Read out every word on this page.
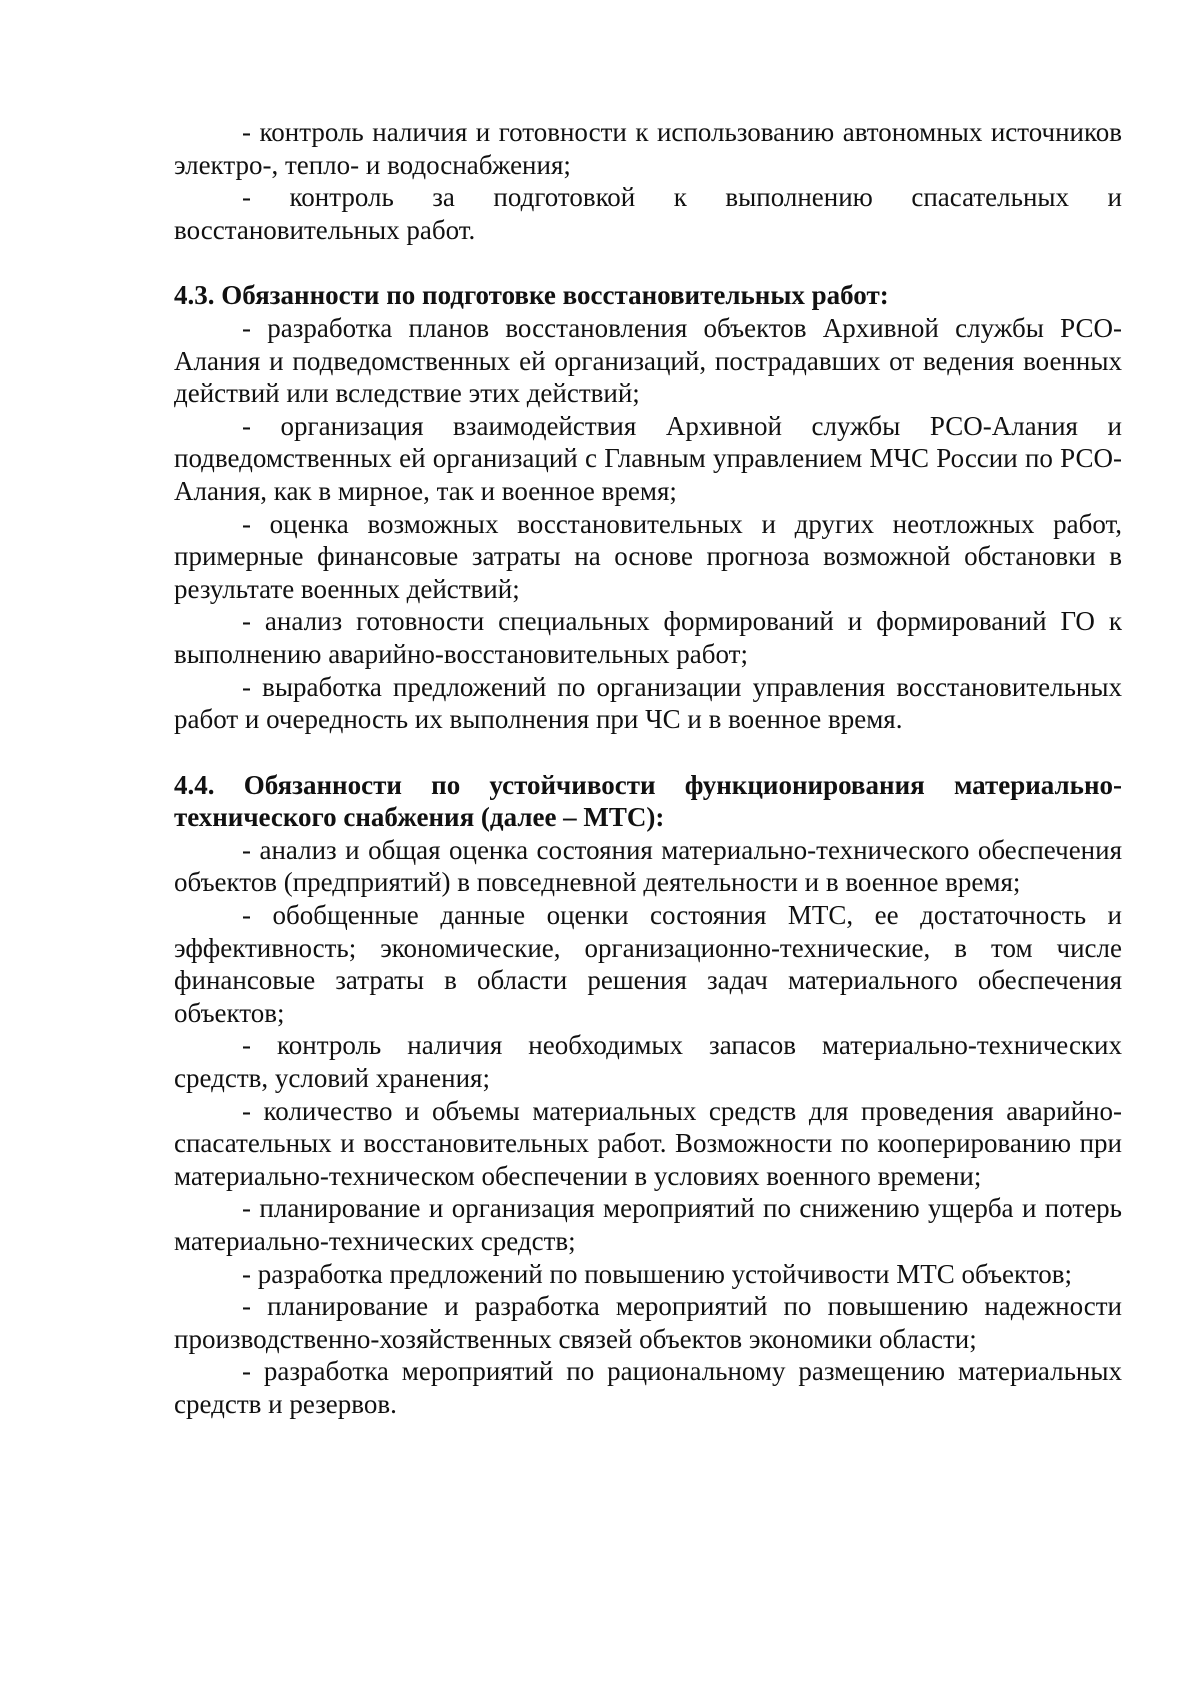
- контроль наличия и готовности к использованию автономных источников электро-, тепло- и водоснабжения;

- контроль за подготовкой к выполнению спасательных и восстановительных работ.

4.3. Обязанности по подготовке восстановительных работ:

- разработка планов восстановления объектов Архивной службы РСО-Алания и подведомственных ей организаций, пострадавших от ведения военных действий или вследствие этих действий;

- организация взаимодействия Архивной службы РСО-Алания и подведомственных ей организаций с Главным управлением МЧС России по РСО-Алания, как в мирное, так и военное время;

- оценка возможных восстановительных и других неотложных работ, примерные финансовые затраты на основе прогноза возможной обстановки в результате военных действий;

- анализ готовности специальных формирований и формирований ГО к выполнению аварийно-восстановительных работ;

- выработка предложений по организации управления восстановительных работ и очередность их выполнения при ЧС и в военное время.

4.4. Обязанности по устойчивости функционирования материально-технического снабжения (далее – МТС):

- анализ и общая оценка состояния материально-технического обеспечения объектов (предприятий) в повседневной деятельности и в военное время;

- обобщенные данные оценки состояния МТС, ее достаточность и эффективность; экономические, организационно-технические, в том числе финансовые затраты в области решения задач материального обеспечения объектов;

- контроль наличия необходимых запасов материально-технических средств, условий хранения;

- количество и объемы материальных средств для проведения аварийно-спасательных и восстановительных работ. Возможности по кооперированию при материально-техническом обеспечении в условиях военного времени;

- планирование и организация мероприятий по снижению ущерба и потерь материально-технических средств;

- разработка предложений по повышению устойчивости МТС объектов;

- планирование и разработка мероприятий по повышению надежности производственно-хозяйственных связей объектов экономики области;

- разработка мероприятий по рациональному размещению материальных средств и резервов.
